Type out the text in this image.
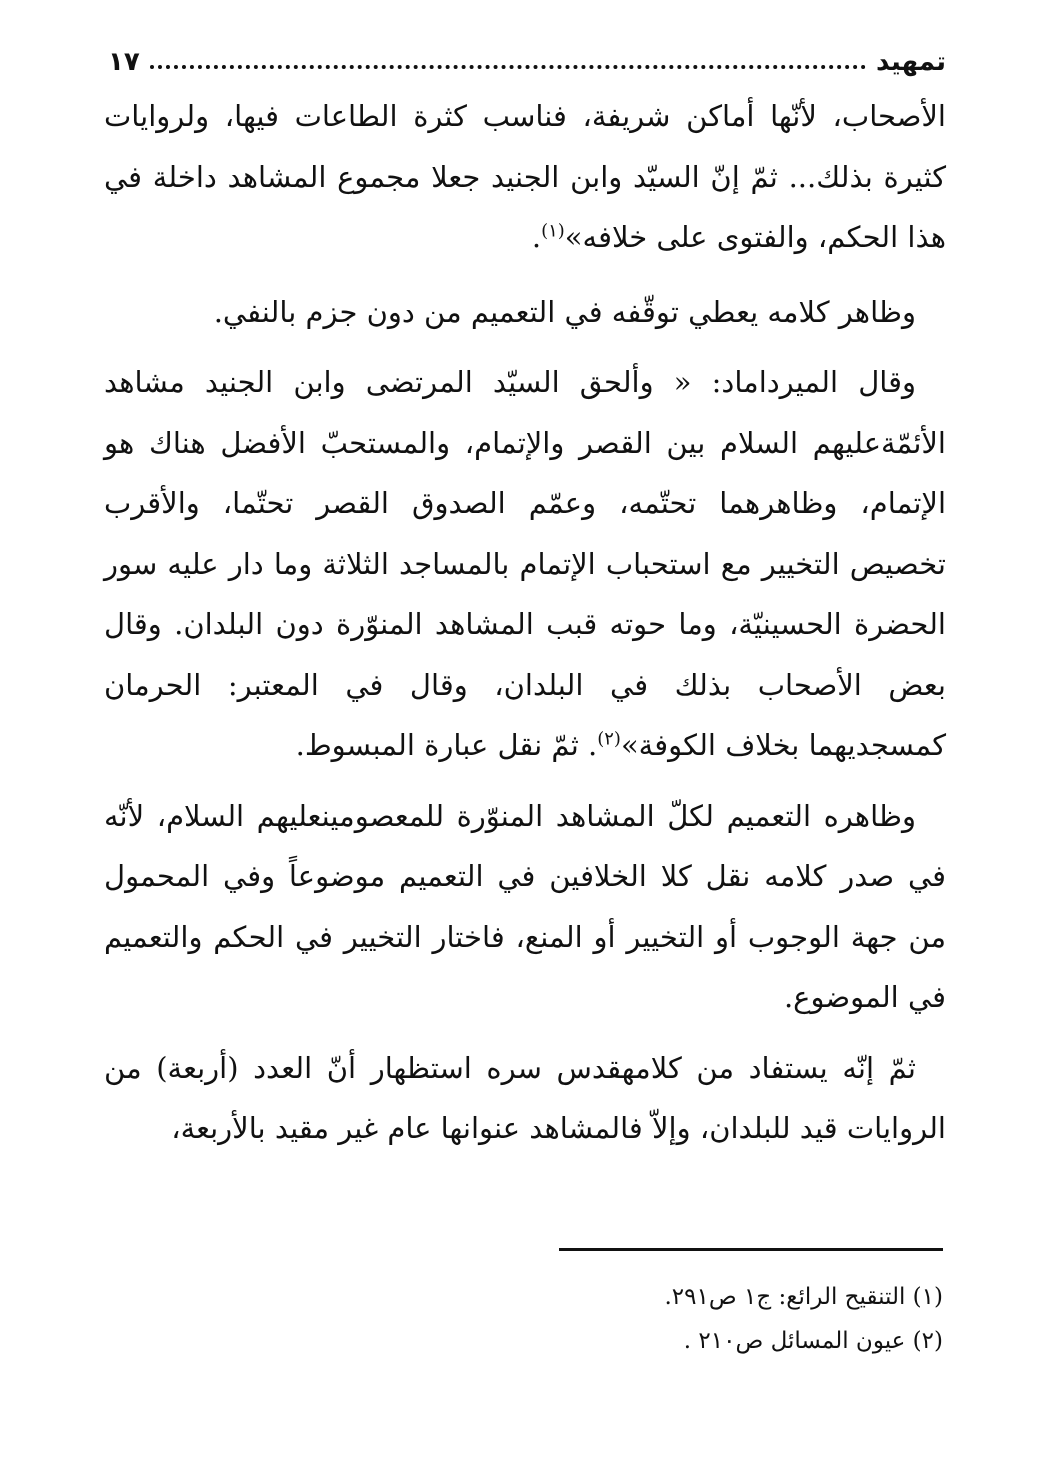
تمهيد
١٧

الأصحاب، لأنّها أماكن شريفة، فناسب كثرة الطاعات فيها، ولروايات كثيرة بذلك... ثمّ إنّ السيّد وابن الجنيد جعلا مجموع المشاهد داخلة في هذا الحكم، والفتوى على خلافه»$^{(١)}$.

وظاهر كلامه يعطي توقّفه في التعميم من دون جزم بالنفي.

وقال الميرداماد: « وألحق السيّد المرتضى وابن الجنيد مشاهد الأئمّةعليهم السلام بين القصر والإتمام، والمستحبّ الأفضل هناك هو الإتمام، وظاهرهما تحتّمه، وعمّم الصدوق القصر تحتّما، والأقرب تخصيص التخيير مع استحباب الإتمام بالمساجد الثلاثة وما دار عليه سور الحضرة الحسينيّة، وما حوته قبب المشاهد المنوّرة دون البلدان. وقال بعض الأصحاب بذلك في البلدان، وقال في المعتبر: الحرمان كمسجديهما بخلاف الكوفة»$^{(٢)}$. ثمّ نقل عبارة المبسوط.

وظاهره التعميم لكلّ المشاهد المنوّرة للمعصومينعليهم السلام، لأنّه في صدر كلامه نقل كلا الخلافين في التعميم موضوعاً وفي المحمول من جهة الوجوب أو التخيير أو المنع، فاختار التخيير في الحكم والتعميم في الموضوع.

ثمّ إنّه يستفاد من كلامهقدس سره استظهار أنّ العدد (أربعة) من الروايات قيد للبلدان، وإلاّ فالمشاهد عنوانها عام غير مقيد بالأربعة،

(١) التنقيح الرائع: ج١ ص٢٩١.
(٢) عيون المسائل ص٢١٠ .
